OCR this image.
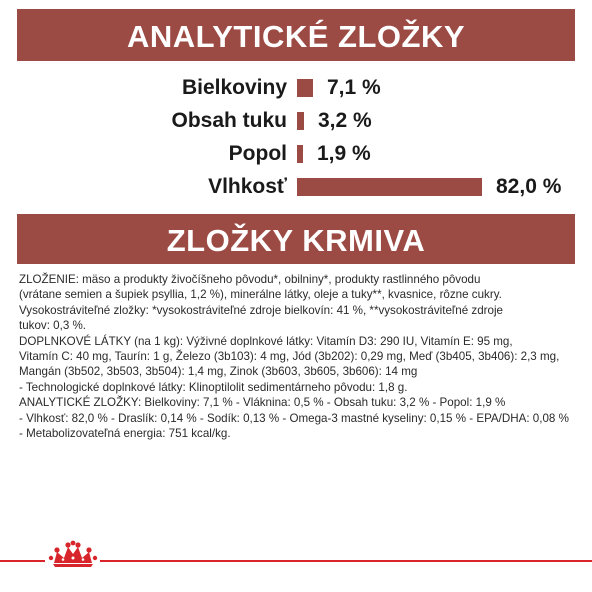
ANALYTICKÉ ZLOŽKY
Bielkoviny 7,1 %
Obsah tuku 3,2 %
Popol 1,9 %
Vlhkosť	82,0 %
ZLOŽKY KRMIVA

ZLOŽENIE: mäso a produkty živočíšneho pôvodu*, obilniny*, produkty rastlinného pôvodu

(vrátane semien a šupiek psyllia, 1,2 %), minerálne látky, oleje a tuky**, kvasnice, rôzne cukry.

Vysokostráviteľné zložky: *vysokostráviteľné zdroje bielkovín: 41 %, **vysokostráviteľné zdroje

tukov: 0,3 %.

DOPLNKOVÉ LÁTKY (na 1 kg): Výživné doplnkové látky: Vitamín D3: 290 IU, Vitamín E: 95 mg,

Vitamín C: 40 mg, Taurín: 1 g, Železo (3b103): 4 mg, Jód (3b202): 0,29 mg, Meď (3b405, 3b406): 2,3 mg,

Mangán (3b502, 3b503, 3b504): 1,4 mg, Zinok (3b603, 3b605, 3b606): 14 mg

- Technologické doplnkové látky: Klinoptilolit sedimentárneho pôvodu: 1,8 g.

ANALYTICKÉ ZLOŽKY: Bielkoviny: 7,1 % - Vláknina: 0,5 % - Obsah tuku: 3,2 % - Popol: 1,9 %

- Vlhkosť: 82,0 % - Draslík: 0,14 % - Sodík: 0,13 % - Omega-3 mastné kyseliny: 0,15 % - EPA/DHA: 0,08 %

- Metabolizovateľná energia: 751 kcal/kg.
